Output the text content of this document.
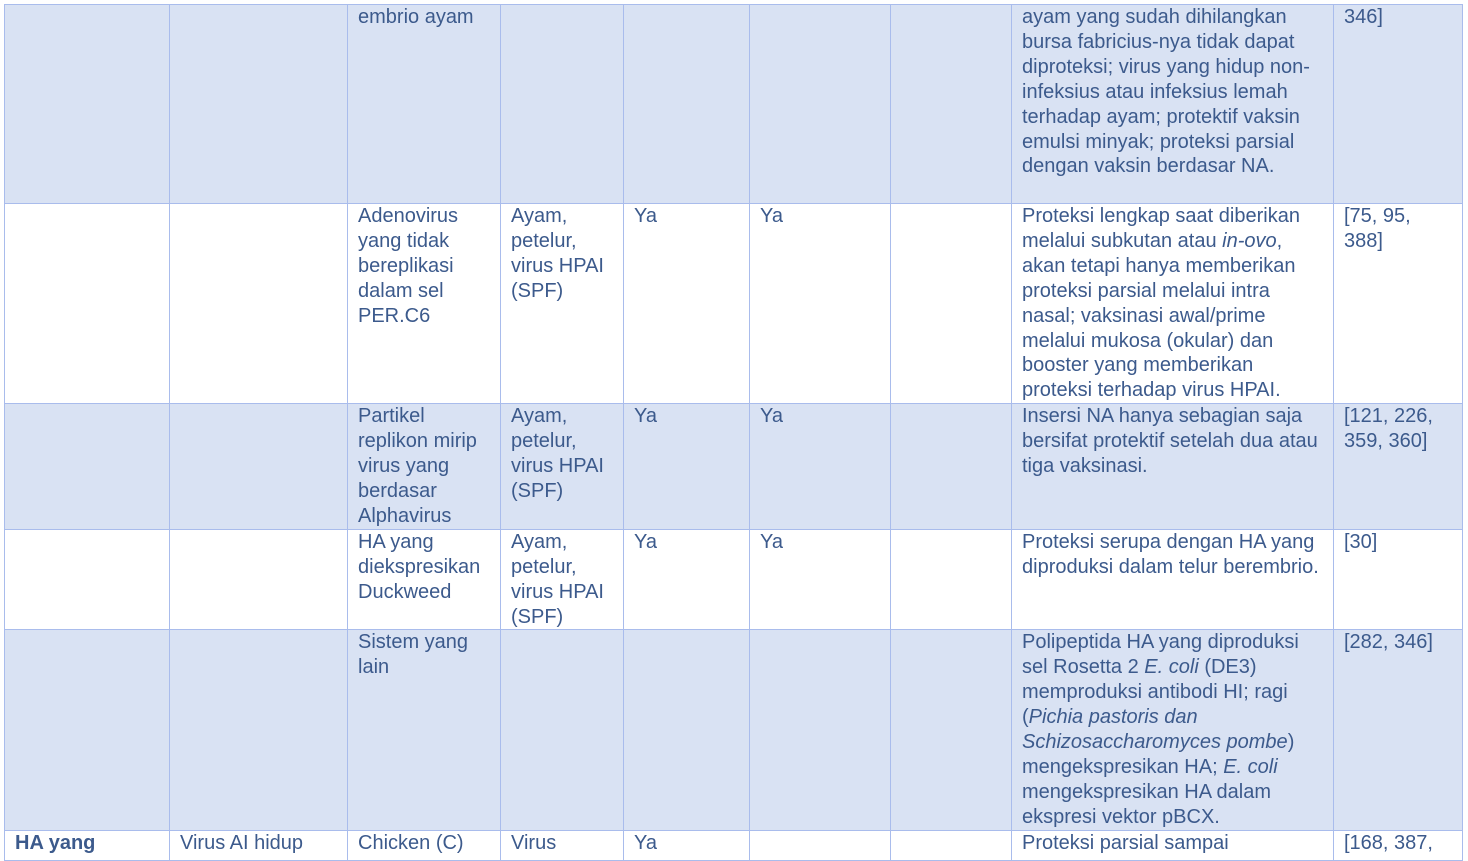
		embrio ayam					ayam yang sudah dihilangkan bursa fabricius-nya tidak dapat diproteksi; virus yang hidup non-infeksius atau infeksius lemah terhadap ayam; protektif vaksin emulsi minyak; proteksi parsial dengan vaksin berdasar NA.	346]
		Adenovirus yang tidak bereplikasi dalam sel PER.C6	Ayam, petelur, virus HPAI (SPF)	Ya	Ya		Proteksi lengkap saat diberikan melalui subkutan atau in-ovo, akan tetapi hanya memberikan proteksi parsial melalui intra nasal; vaksinasi awal/prime melalui mukosa (okular) dan booster yang memberikan proteksi terhadap virus HPAI.	[75, 95, 388]
		Partikel replikon mirip virus yang berdasar Alphavirus	Ayam, petelur, virus HPAI (SPF)	Ya	Ya		Insersi NA hanya sebagian saja bersifat protektif setelah dua atau tiga vaksinasi.	[121, 226, 359, 360]
		HA yang diekspresikan Duckweed	Ayam, petelur, virus HPAI (SPF)	Ya	Ya		Proteksi serupa dengan HA yang diproduksi dalam telur berembrio.	[30]
		Sistem yang lain					Polipeptida HA yang diproduksi sel Rosetta 2 E. coli (DE3) memproduksi antibodi HI; ragi (Pichia pastoris dan Schizosaccharomyces pombe) mengekspresikan HA; E. coli mengekspresikan HA dalam ekspresi vektor pBCX.	[282, 346]
HA yang	Virus AI hidup	Chicken (C)	Virus	Ya			Proteksi parsial sampai	[168, 387,
